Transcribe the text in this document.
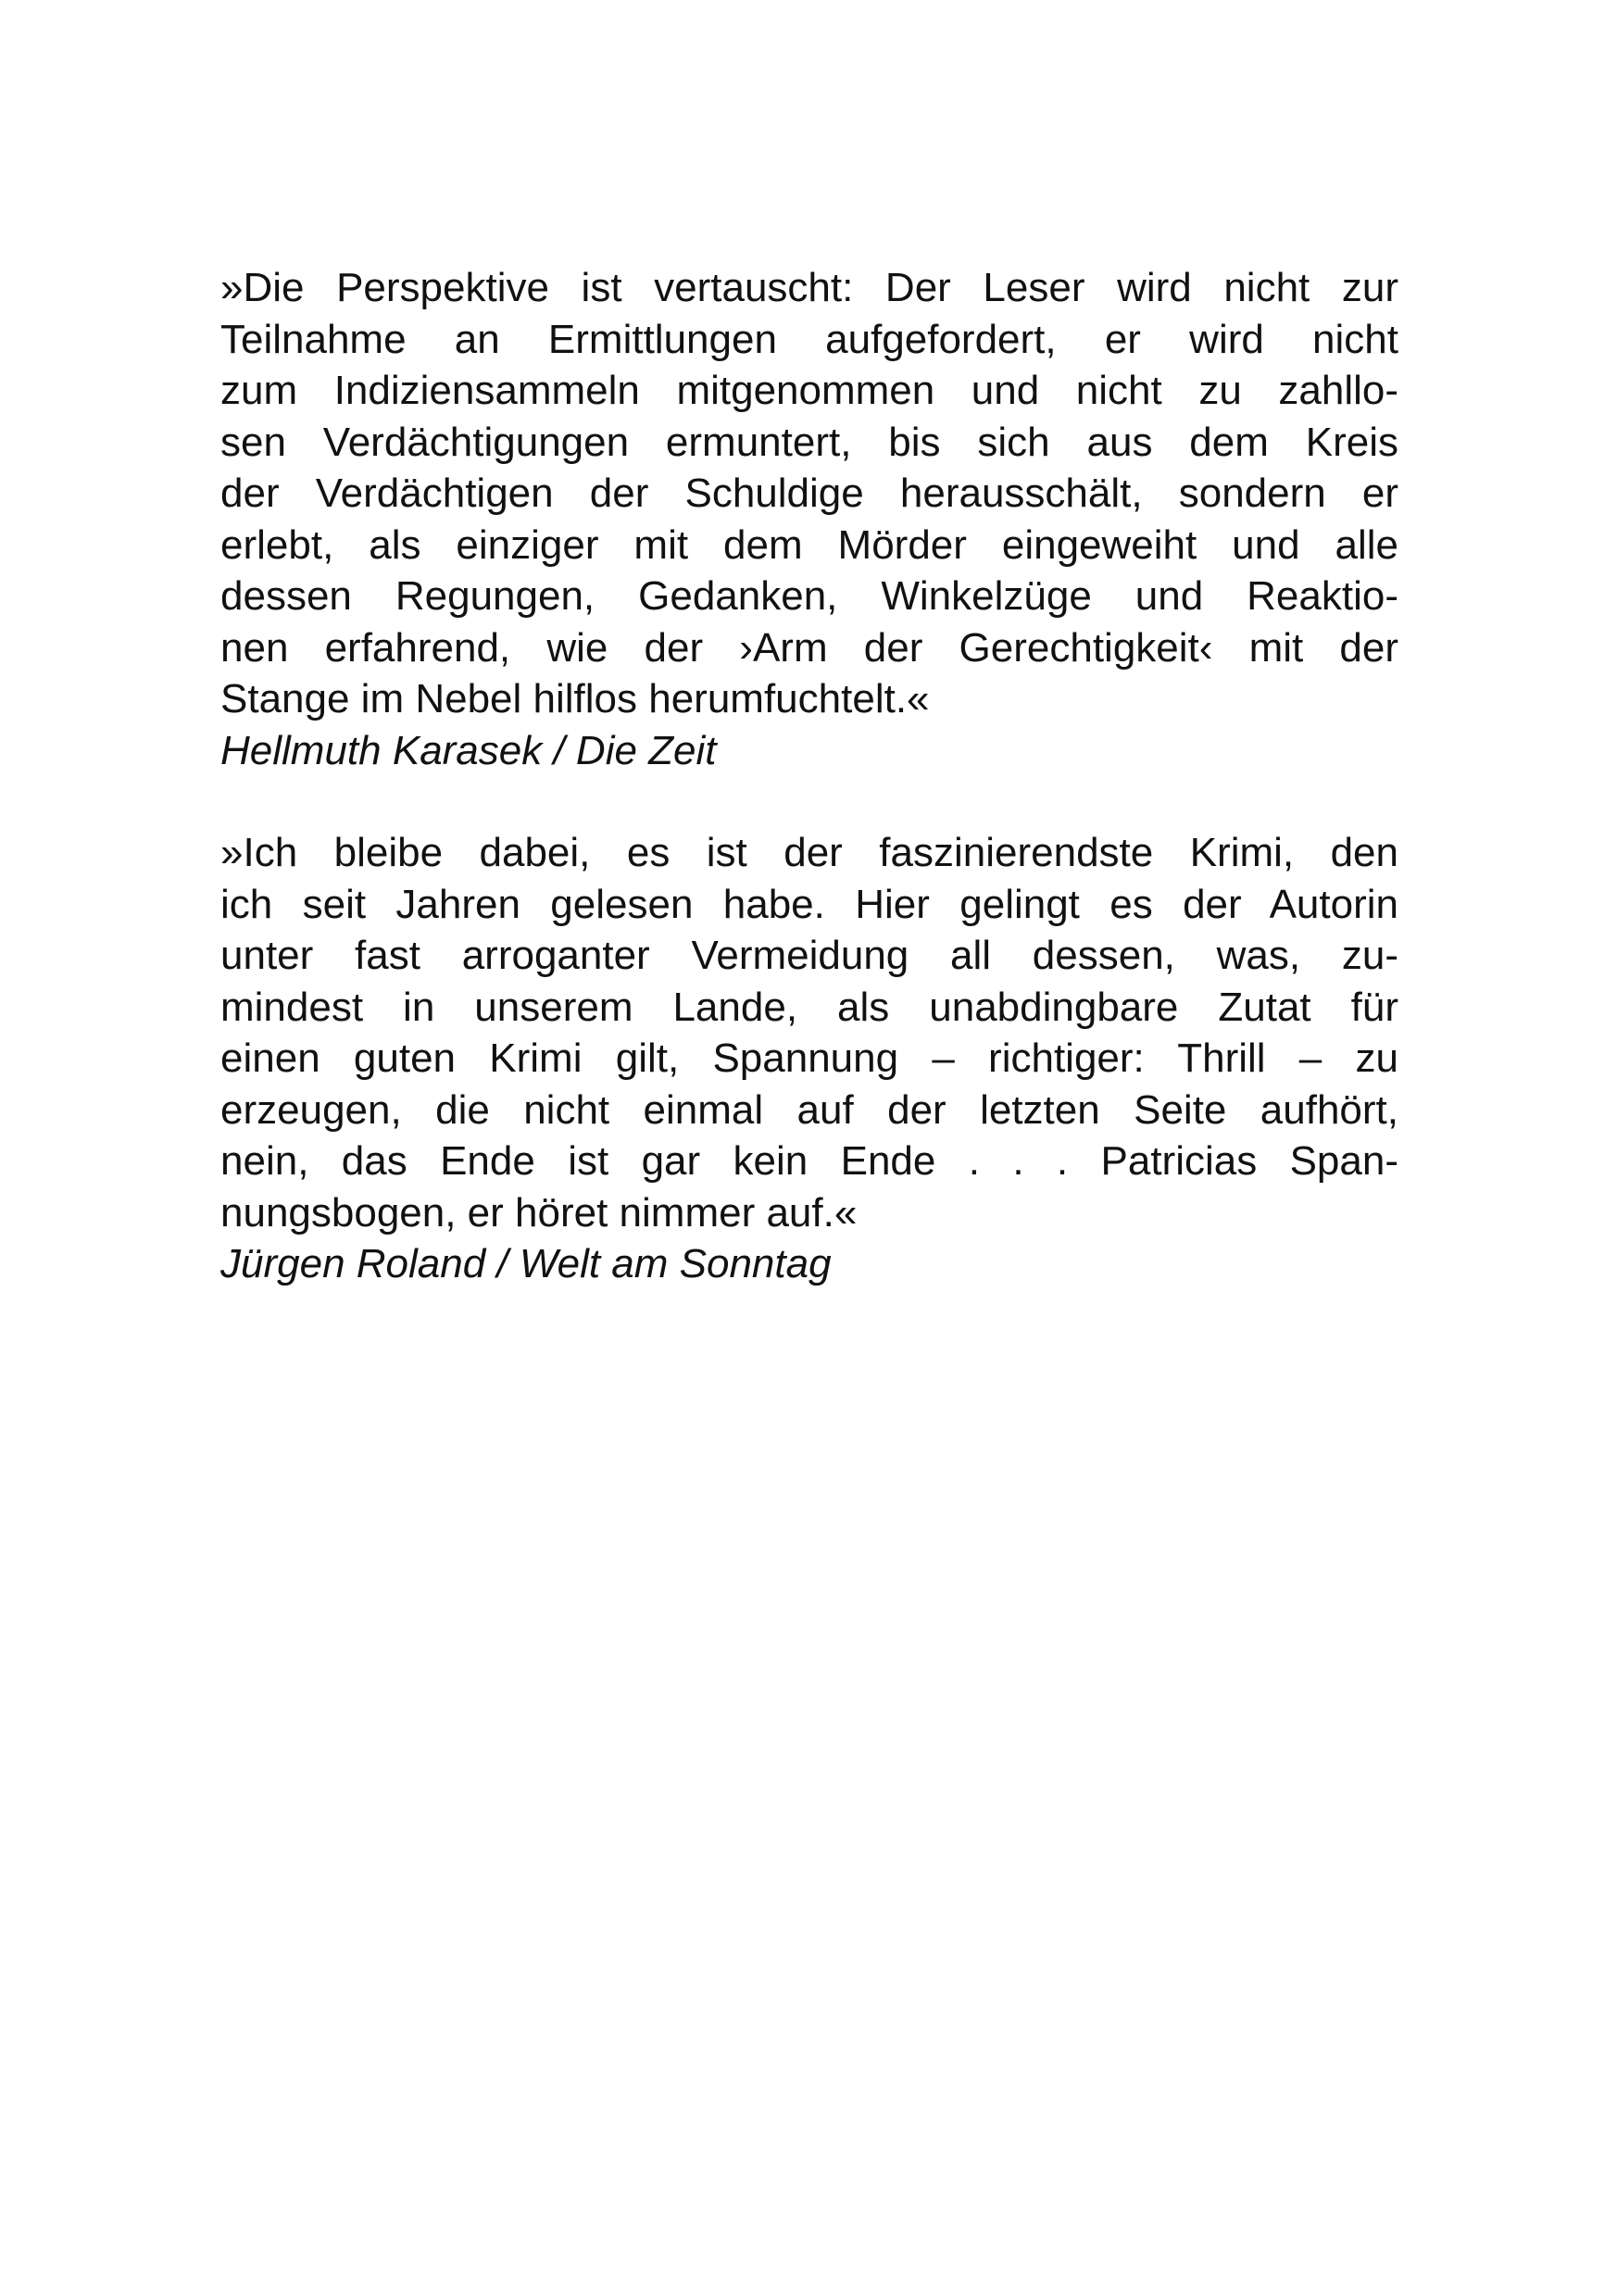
»Die Perspektive ist vertauscht: Der Leser wird nicht zur
Teilnahme an Ermittlungen aufgefordert, er wird nicht
zum Indiziensammeln mitgenommen und nicht zu zahllo-
sen Verdächtigungen ermuntert, bis sich aus dem Kreis
der Verdächtigen der Schuldige herausschält, sondern er
erlebt, als einziger mit dem Mörder eingeweiht und alle
dessen Regungen, Gedanken, Winkelzüge und Reaktio-
nen erfahrend, wie der ›Arm der Gerechtigkeit‹ mit der
Stange im Nebel hilflos herumfuchtelt.«
Hellmuth Karasek / Die Zeit
»Ich bleibe dabei, es ist der faszinierendste Krimi, den
ich seit Jahren gelesen habe. Hier gelingt es der Autorin
unter fast arroganter Vermeidung all dessen, was, zu-
mindest in unserem Lande, als unabdingbare Zutat für
einen guten Krimi gilt, Spannung – richtiger: Thrill – zu
erzeugen, die nicht einmal auf der letzten Seite aufhört,
nein, das Ende ist gar kein Ende . . . Patricias Span-
nungsbogen, er höret nimmer auf.«
Jürgen Roland / Welt am Sonntag
